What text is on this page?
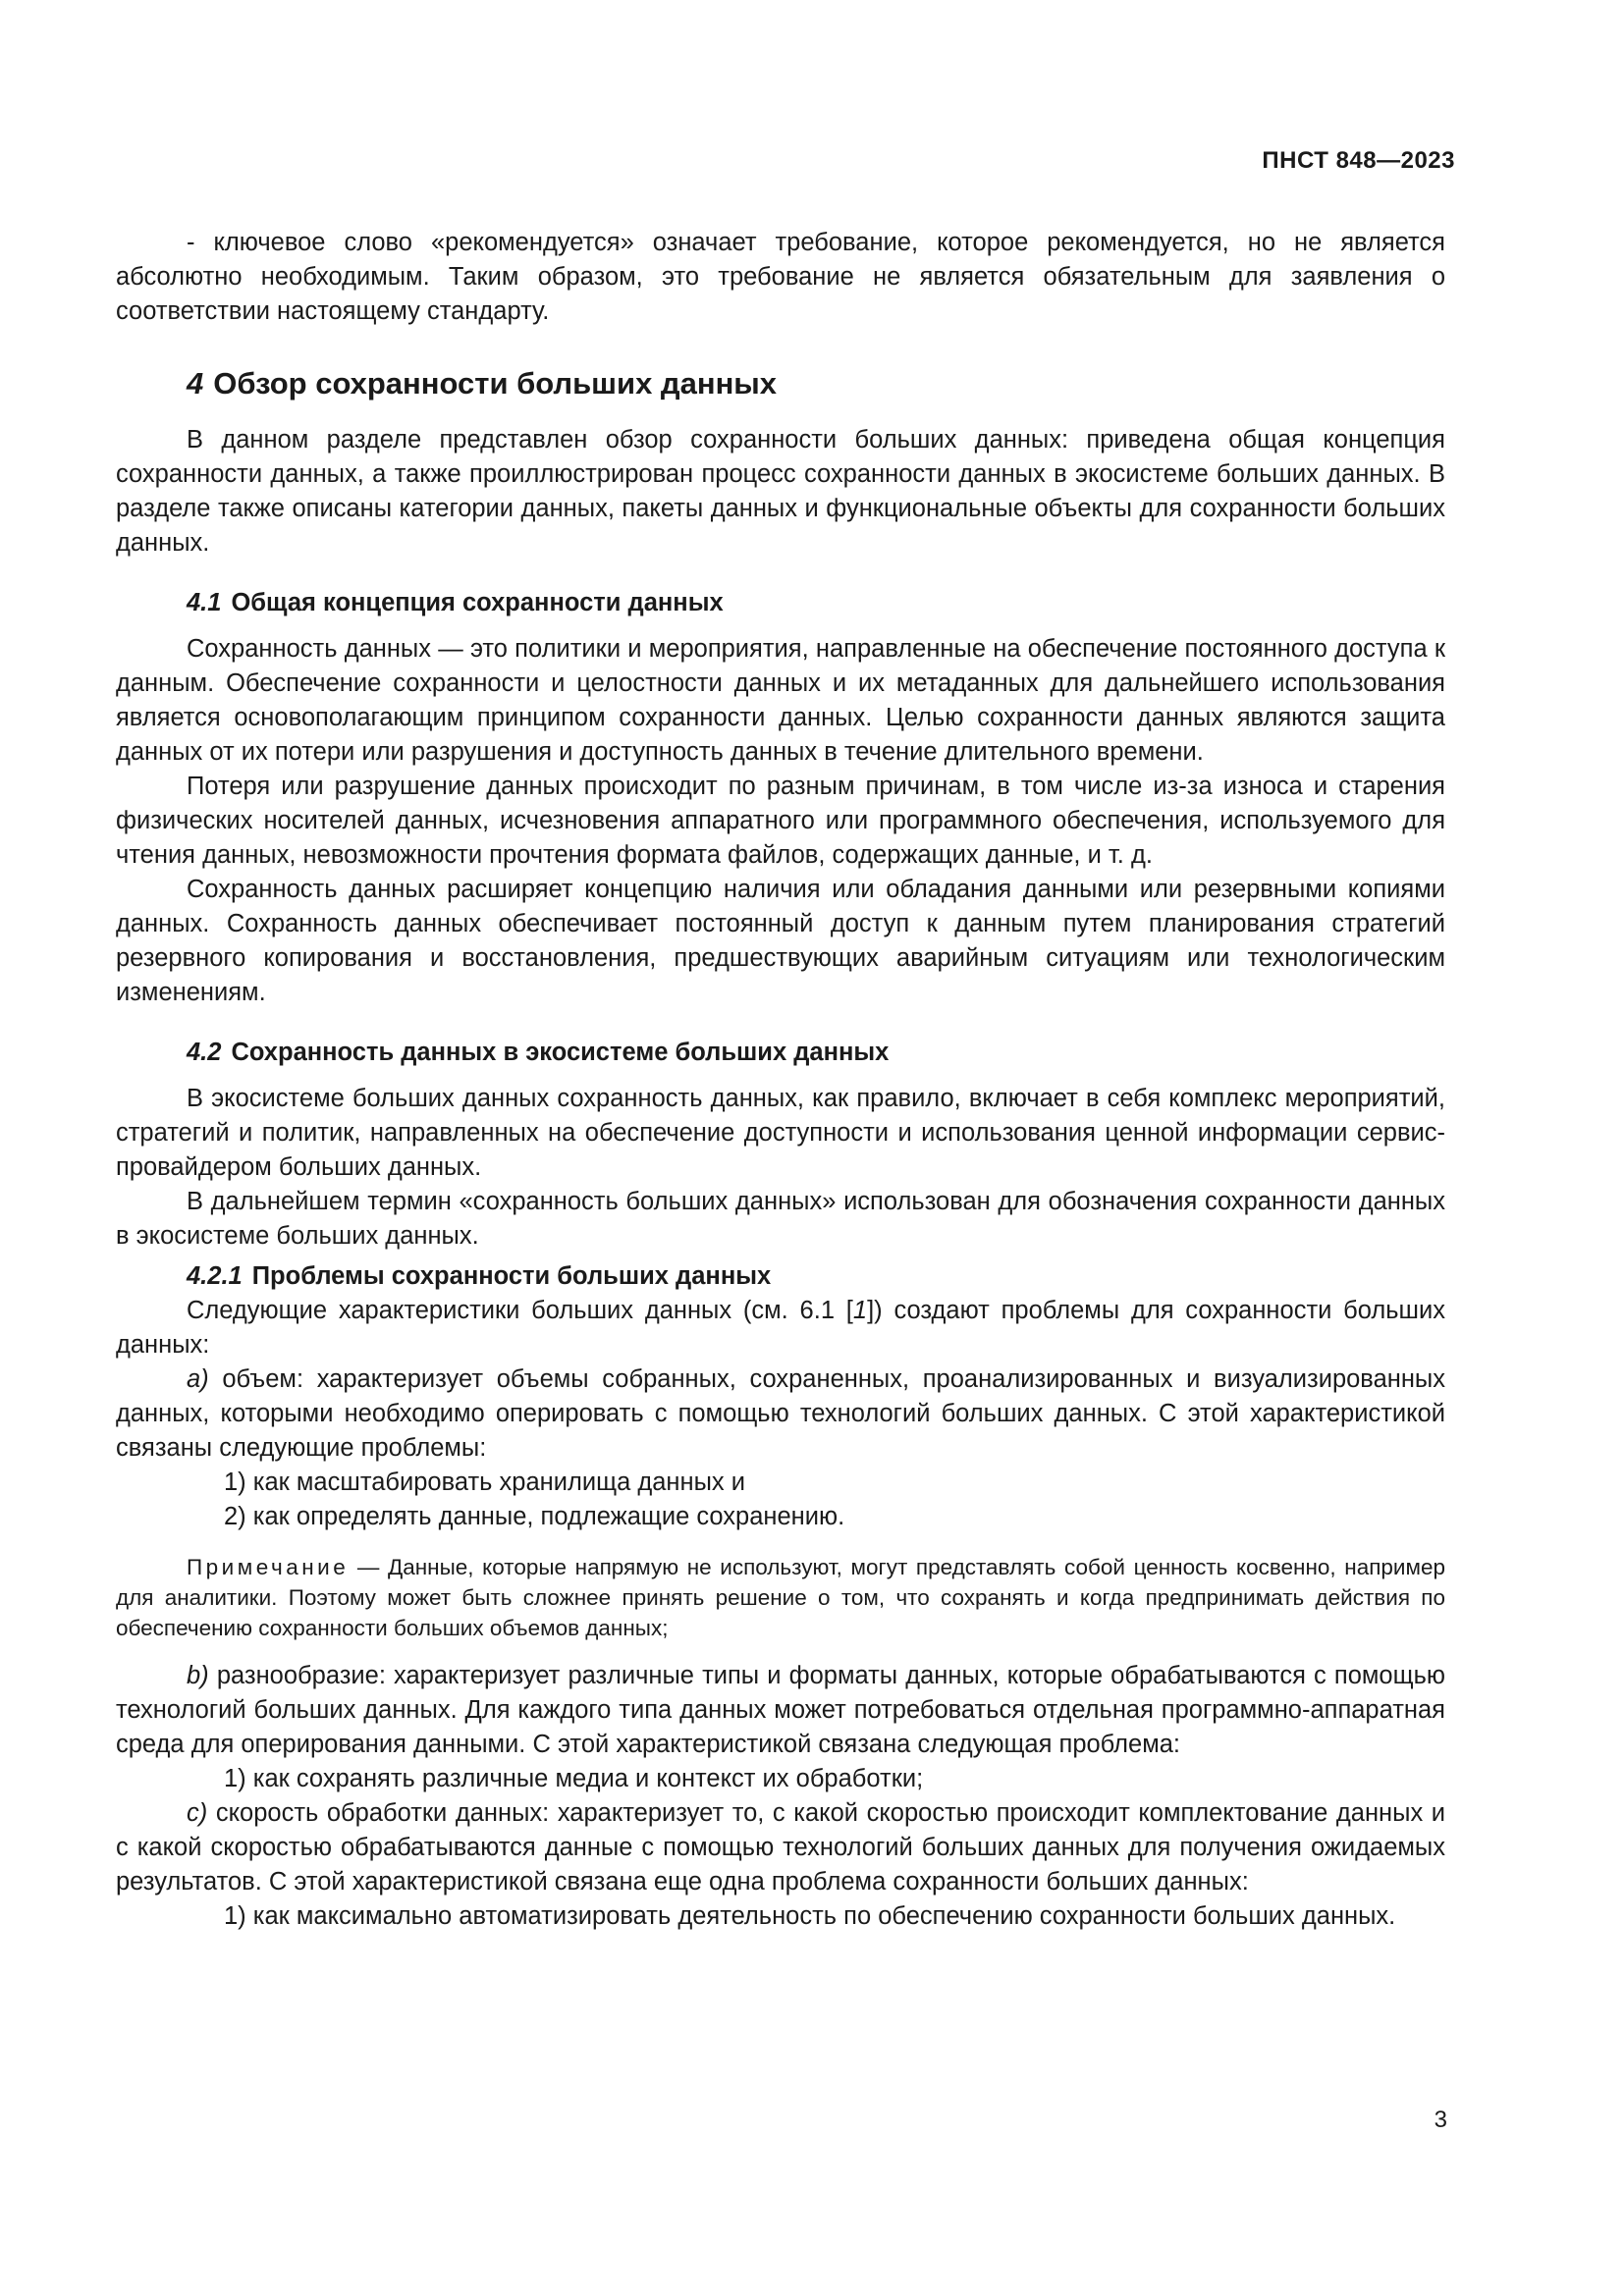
ПНСТ 848—2023

- ключевое слово «рекомендуется» означает требование, которое рекомендуется, но не является абсолютно необходимым. Таким образом, это требование не является обязательным для заявления о соответствии настоящему стандарту.

4 Обзор сохранности больших данных

В данном разделе представлен обзор сохранности больших данных: приведена общая концепция сохранности данных, а также проиллюстрирован процесс сохранности данных в экосистеме больших данных. В разделе также описаны категории данных, пакеты данных и функциональные объекты для сохранности больших данных.

4.1 Общая концепция сохранности данных

Сохранность данных — это политики и мероприятия, направленные на обеспечение постоянного доступа к данным. Обеспечение сохранности и целостности данных и их метаданных для дальнейшего использования является основополагающим принципом сохранности данных. Целью сохранности данных являются защита данных от их потери или разрушения и доступность данных в течение длительного времени.

Потеря или разрушение данных происходит по разным причинам, в том числе из-за износа и старения физических носителей данных, исчезновения аппаратного или программного обеспечения, используемого для чтения данных, невозможности прочтения формата файлов, содержащих данные, и т. д.

Сохранность данных расширяет концепцию наличия или обладания данными или резервными копиями данных. Сохранность данных обеспечивает постоянный доступ к данным путем планирования стратегий резервного копирования и восстановления, предшествующих аварийным ситуациям или технологическим изменениям.

4.2 Сохранность данных в экосистеме больших данных

В экосистеме больших данных сохранность данных, как правило, включает в себя комплекс мероприятий, стратегий и политик, направленных на обеспечение доступности и использования ценной информации сервис-провайдером больших данных.

В дальнейшем термин «сохранность больших данных» использован для обозначения сохранности данных в экосистеме больших данных.

4.2.1 Проблемы сохранности больших данных

Следующие характеристики больших данных (см. 6.1 [1]) создают проблемы для сохранности больших данных:

a) объем: характеризует объемы собранных, сохраненных, проанализированных и визуализированных данных, которыми необходимо оперировать с помощью технологий больших данных. С этой характеристикой связаны следующие проблемы:

1) как масштабировать хранилища данных и

2) как определять данные, подлежащие сохранению.

Примечание — Данные, которые напрямую не используют, могут представлять собой ценность косвенно, например для аналитики. Поэтому может быть сложнее принять решение о том, что сохранять и когда предпринимать действия по обеспечению сохранности больших объемов данных;

b) разнообразие: характеризует различные типы и форматы данных, которые обрабатываются с помощью технологий больших данных. Для каждого типа данных может потребоваться отдельная программно-аппаратная среда для оперирования данными. С этой характеристикой связана следующая проблема:

1) как сохранять различные медиа и контекст их обработки;

c) скорость обработки данных: характеризует то, с какой скоростью происходит комплектование данных и с какой скоростью обрабатываются данные с помощью технологий больших данных для получения ожидаемых результатов. С этой характеристикой связана еще одна проблема сохранности больших данных:

1) как максимально автоматизировать деятельность по обеспечению сохранности больших данных.

3
